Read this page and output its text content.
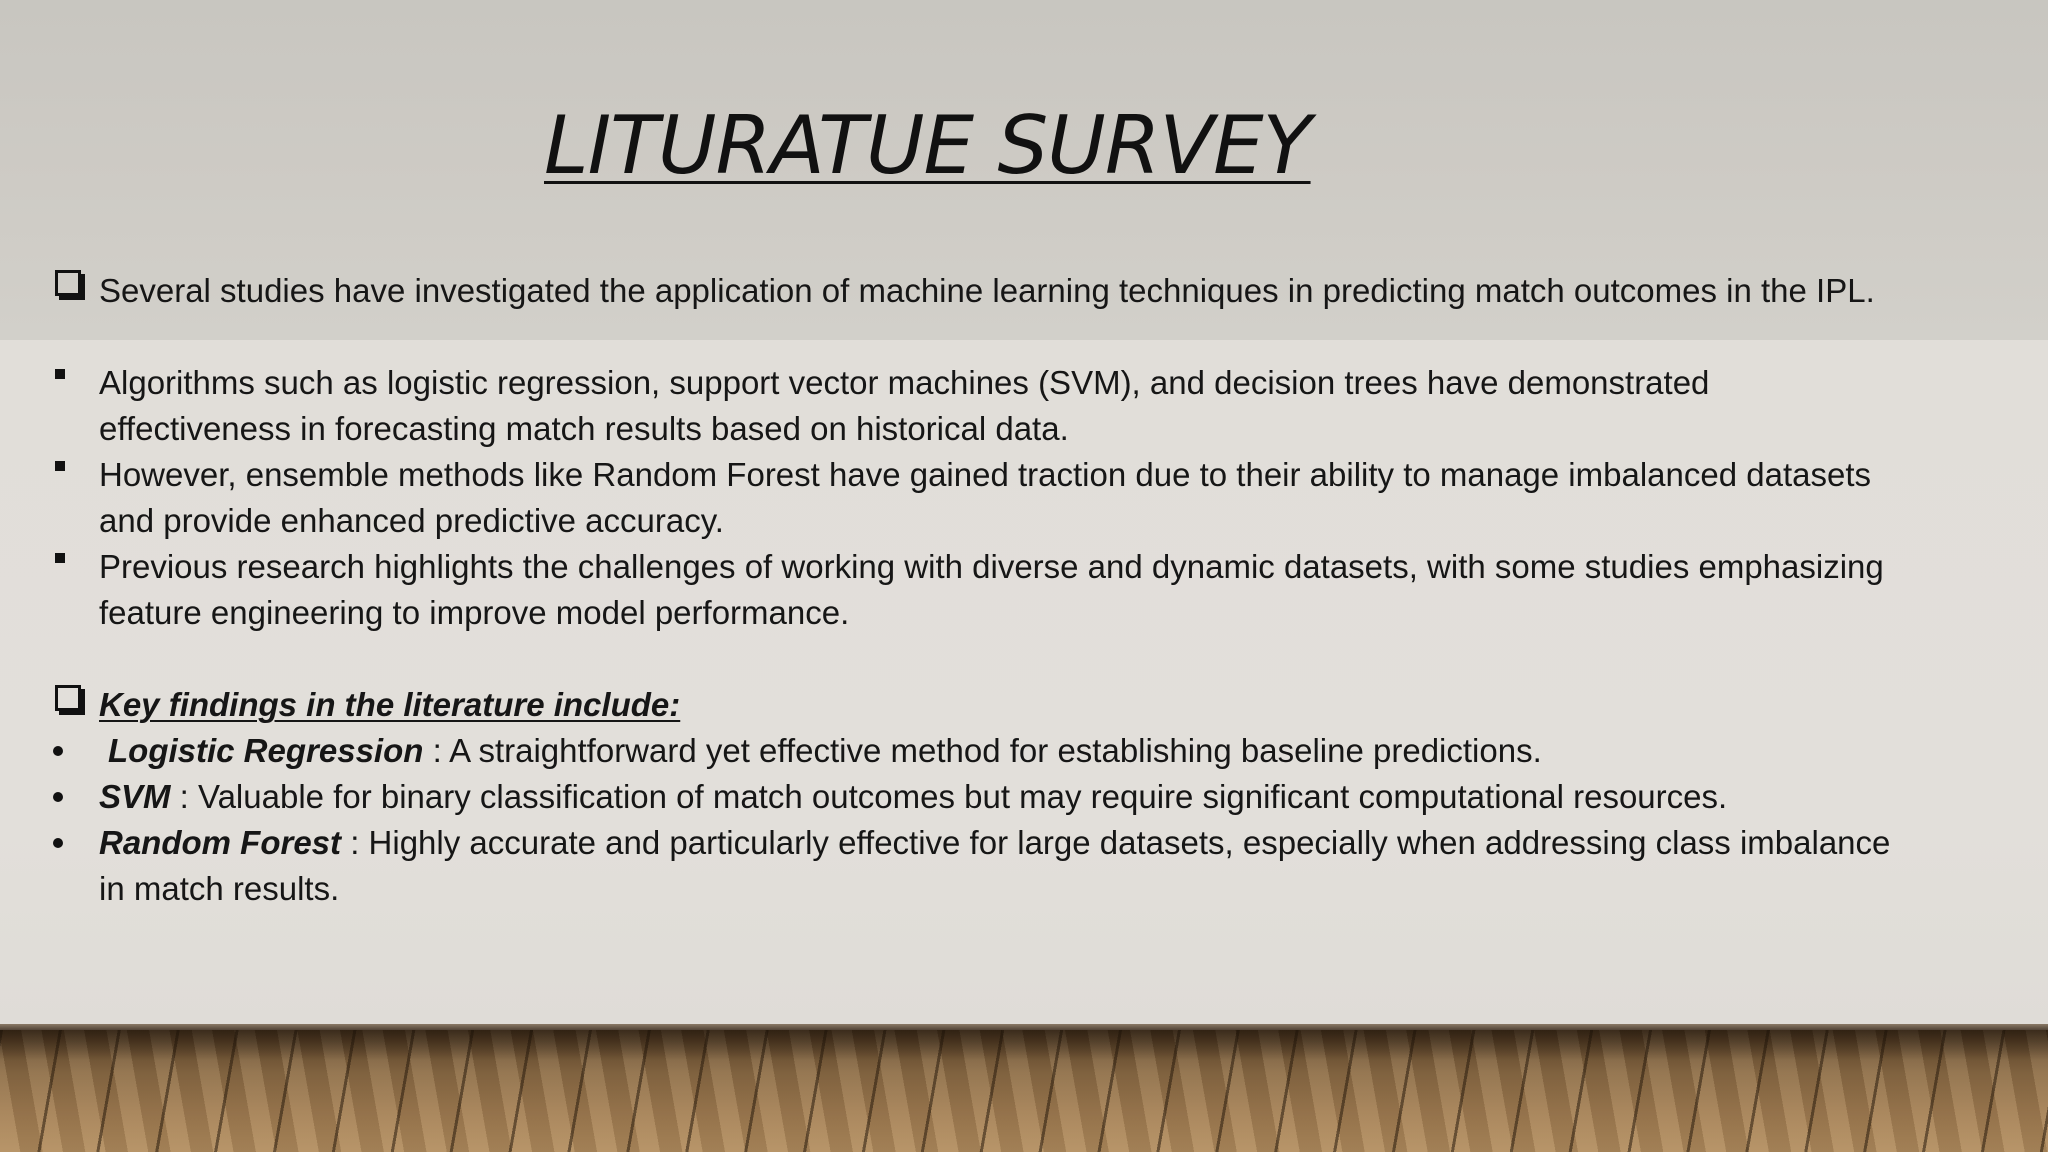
LITURATUE SURVEY
Several studies have investigated the application of machine learning techniques in predicting match outcomes in the IPL.
Algorithms such as logistic regression, support vector machines (SVM), and decision trees have demonstrated
effectiveness in forecasting match results based on historical data.
However, ensemble methods like Random Forest have gained traction due to their ability to manage imbalanced datasets
and provide enhanced predictive accuracy.
Previous research highlights the challenges of working with diverse and dynamic datasets, with some studies emphasizing
feature engineering to improve model performance.
Key findings in the literature include:
Logistic Regression : A straightforward yet effective method for establishing baseline predictions.
SVM : Valuable for binary classification of match outcomes but may require significant computational resources.
Random Forest : Highly accurate and particularly effective for large datasets, especially when addressing class imbalance
in match results.
